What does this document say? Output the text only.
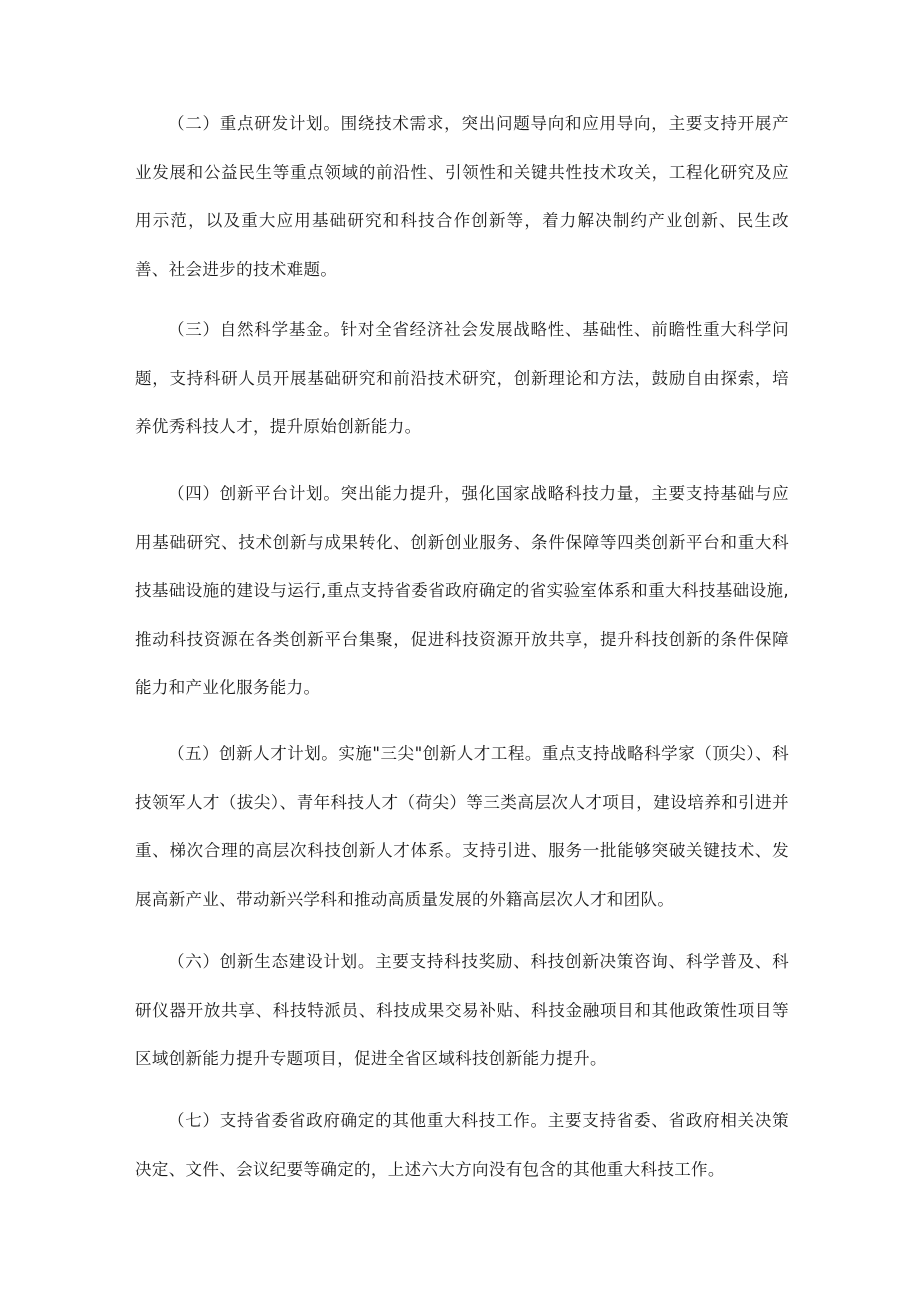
（二）重点研发计划。围绕技术需求，突出问题导向和应用导向，主要支持开展产业发展和公益民生等重点领域的前沿性、引领性和关键共性技术攻关，工程化研究及应用示范，以及重大应用基础研究和科技合作创新等，着力解决制约产业创新、民生改善、社会进步的技术难题。

（三）自然科学基金。针对全省经济社会发展战略性、基础性、前瞻性重大科学问题，支持科研人员开展基础研究和前沿技术研究，创新理论和方法，鼓励自由探索，培养优秀科技人才，提升原始创新能力。

（四）创新平台计划。突出能力提升，强化国家战略科技力量，主要支持基础与应用基础研究、技术创新与成果转化、创新创业服务、条件保障等四类创新平台和重大科技基础设施的建设与运行,重点支持省委省政府确定的省实验室体系和重大科技基础设施,推动科技资源在各类创新平台集聚，促进科技资源开放共享，提升科技创新的条件保障能力和产业化服务能力。

（五）创新人才计划。实施"三尖"创新人才工程。重点支持战略科学家（顶尖）、科技领军人才（拔尖）、青年科技人才（荷尖）等三类高层次人才项目，建设培养和引进并重、梯次合理的高层次科技创新人才体系。支持引进、服务一批能够突破关键技术、发展高新产业、带动新兴学科和推动高质量发展的外籍高层次人才和团队。

（六）创新生态建设计划。主要支持科技奖励、科技创新决策咨询、科学普及、科研仪器开放共享、科技特派员、科技成果交易补贴、科技金融项目和其他政策性项目等区域创新能力提升专题项目，促进全省区域科技创新能力提升。

（七）支持省委省政府确定的其他重大科技工作。主要支持省委、省政府相关决策决定、文件、会议纪要等确定的，上述六大方向没有包含的其他重大科技工作。
